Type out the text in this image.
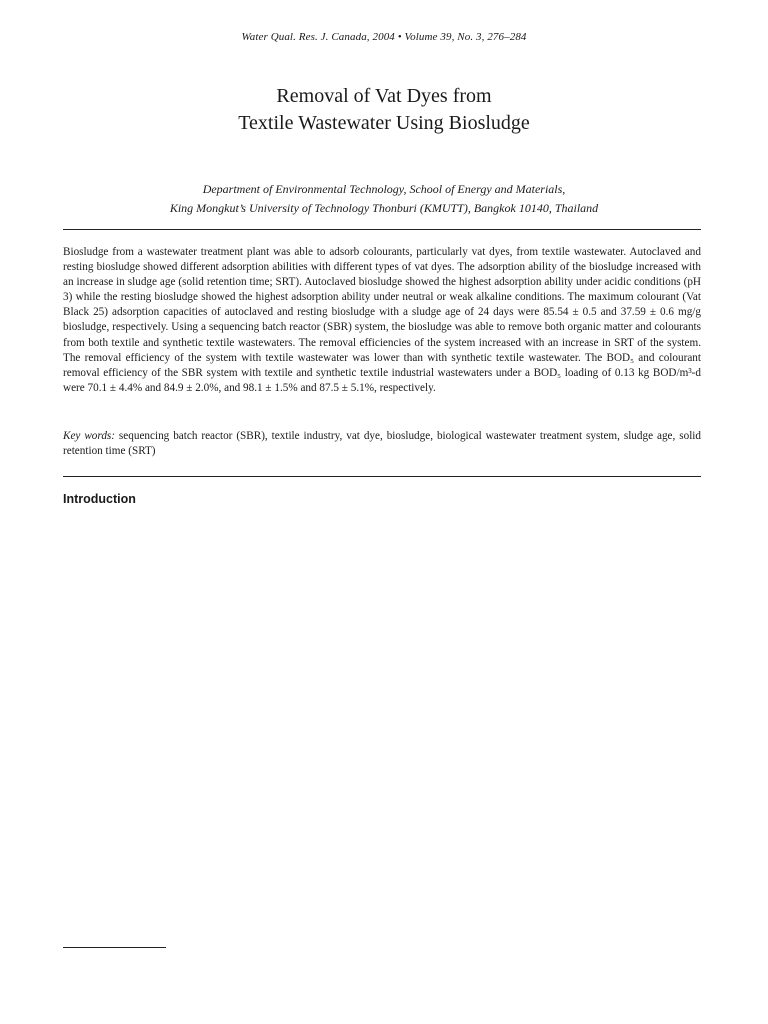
Water Qual. Res. J. Canada, 2004 • Volume 39, No. 3, 276–284
Removal of Vat Dyes from
Textile Wastewater Using Biosludge
Department of Environmental Technology, School of Energy and Materials,
King Mongkut’s University of Technology Thonburi (KMUTT), Bangkok 10140, Thailand

Biosludge from a wastewater treatment plant was able to adsorb colourants, particularly vat dyes, from textile wastewater. Autoclaved and resting biosludge showed different adsorption abilities with different types of vat dyes. The adsorption ability of the biosludge increased with an increase in sludge age (solid retention time; SRT). Autoclaved biosludge showed the highest adsorption ability under acidic conditions (pH 3) while the resting biosludge showed the highest adsorption ability under neutral or weak alkaline conditions. The maximum colourant (Vat Black 25) adsorption capacities of autoclaved and resting biosludge with a sludge age of 24 days were 85.54 ± 0.5 and 37.59 ± 0.6 mg/g biosludge, respectively. Using a sequencing batch reactor (SBR) system, the biosludge was able to remove both organic matter and colourants from both textile and synthetic textile wastewaters. The removal efficiencies of the system increased with an increase in SRT of the system. The removal efficiency of the system with textile wastewater was lower than with synthetic textile wastewater. The BOD₅ and colourant removal efficiency of the SBR system with textile and synthetic textile industrial wastewaters under a BOD₅ loading of 0.13 kg BOD/m³-d were 70.1 ± 4.4% and 84.9 ± 2.0%, and 98.1 ± 1.5% and 87.5 ± 5.1%, respectively.

Key words: sequencing batch reactor (SBR), textile industry, vat dye, biosludge, biological wastewater treatment system, sludge age, solid retention time (SRT)

Introduction
